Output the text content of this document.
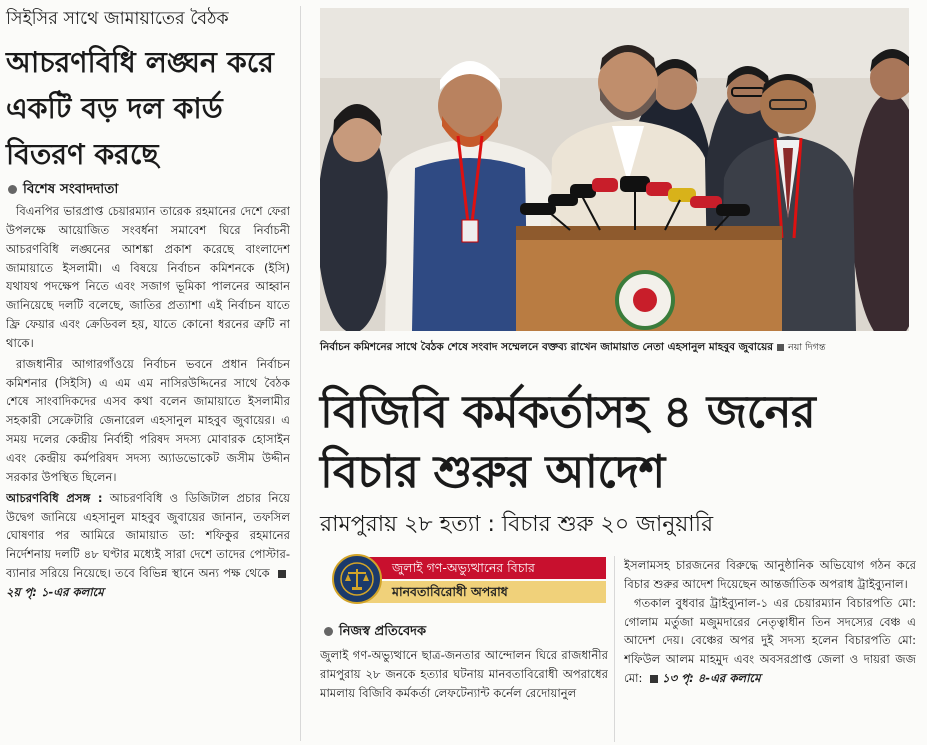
সিইসির সাথে জামায়াতের বৈঠক
আচরণবিধি লঙ্ঘন করে একটি বড় দল কার্ড বিতরণ করছে
বিশেষ সংবাদদাতা

বিএনপির ভারপ্রাপ্ত চেয়ারম্যান তারেক রহমানের দেশে ফেরা উপলক্ষে আয়োজিত সংবর্ধনা সমাবেশ ঘিরে নির্বাচনী আচরণবিধি লঙ্ঘনের আশঙ্কা প্রকাশ করেছে বাংলাদেশ জামায়াতে ইসলামী। এ বিষয়ে নির্বাচন কমিশনকে (ইসি) যথাযথ পদক্ষেপ নিতে এবং সজাগ ভূমিকা পালনের আহ্বান জানিয়েছে দলটি বলেছে, জাতির প্রত্যাশা এই নির্বাচন যাতে ফ্রি ফেয়ার এবং ক্রেডিবল হয়, যাতে কোনো ধরনের ত্রুটি না থাকে।

রাজধানীর আগারগাঁওয়ে নির্বাচন ভবনে প্রধান নির্বাচন কমিশনার (সিইসি) এ এম এম নাসিরউদ্দিনের সাথে বৈঠক শেষে সাংবাদিকদের এসব কথা বলেন জামায়াতে ইসলামীর সহকারী সেক্রেটারি জেনারেল এহসানুল মাহবুব জুবায়ের। এ সময় দলের কেন্দ্রীয় নির্বাহী পরিষদ সদস্য মোবারক হোসাইন এবং কেন্দ্রীয় কর্মপরিষদ সদস্য অ্যাডভোকেট জসীম উদ্দীন সরকার উপস্থিত ছিলেন।

আচরণবিধি প্রসঙ্গ : আচরণবিধি ও ডিজিটাল প্রচার নিয়ে উদ্বেগ জানিয়ে এহসানুল মাহবুব জুবায়ের জানান, তফসিল ঘোষণার পর আমিরে জামায়াত ডা: শফিকুর রহমানের নির্দেশনায় দলটি ৪৮ ঘণ্টার মধ্যেই সারা দেশে তাদের পোস্টার-ব্যানার সরিয়ে নিয়েছে। তবে বিভিন্ন স্থানে অন্য পক্ষ থেকে ২য় পৃ: ১-এর কলামে

নির্বাচন কমিশনের সাথে বৈঠক শেষে সংবাদ সম্মেলনে বক্তব্য রাখেন জামায়াত নেতা এহসানুল মাহবুব জুবায়ের নয়া দিগন্ত
বিজিবি কর্মকর্তাসহ ৪ জনের বিচার শুরুর আদেশ
রামপুরায় ২৮ হত্যা : বিচার শুরু ২০ জানুয়ারি
জুলাই গণ-অভ্যুত্থানের বিচার
মানবতাবিরোধী অপরাধ
নিজস্ব প্রতিবেদক

জুলাই গণ-অভ্যুত্থানে ছাত্র-জনতার আন্দোলন ঘিরে রাজধানীর রামপুরায় ২৮ জনকে হত্যার ঘটনায় মানবতাবিরোধী অপরাধের মামলায় বিজিবি কর্মকর্তা লেফটেন্যান্ট কর্নেল রেদোয়ানুল

ইসলামসহ চারজনের বিরুদ্ধে আনুষ্ঠানিক অভিযোগ গঠন করে বিচার শুরুর আদেশ দিয়েছেন আন্তর্জাতিক অপরাধ ট্রাইব্যুনাল।

গতকাল বুধবার ট্রাইব্যুনাল-১ এর চেয়ারম্যান বিচারপতি মো: গোলাম মর্তুজা মজুমদারের নেতৃত্বাধীন তিন সদস্যের বেঞ্চ এ আদেশ দেয়। বেঞ্চের অপর দুই সদস্য হলেন বিচারপতি মো: শফিউল আলম মাহমুদ এবং অবসরপ্রাপ্ত জেলা ও দায়রা জজ মো: ১৩ পৃ: ৪-এর কলামে
